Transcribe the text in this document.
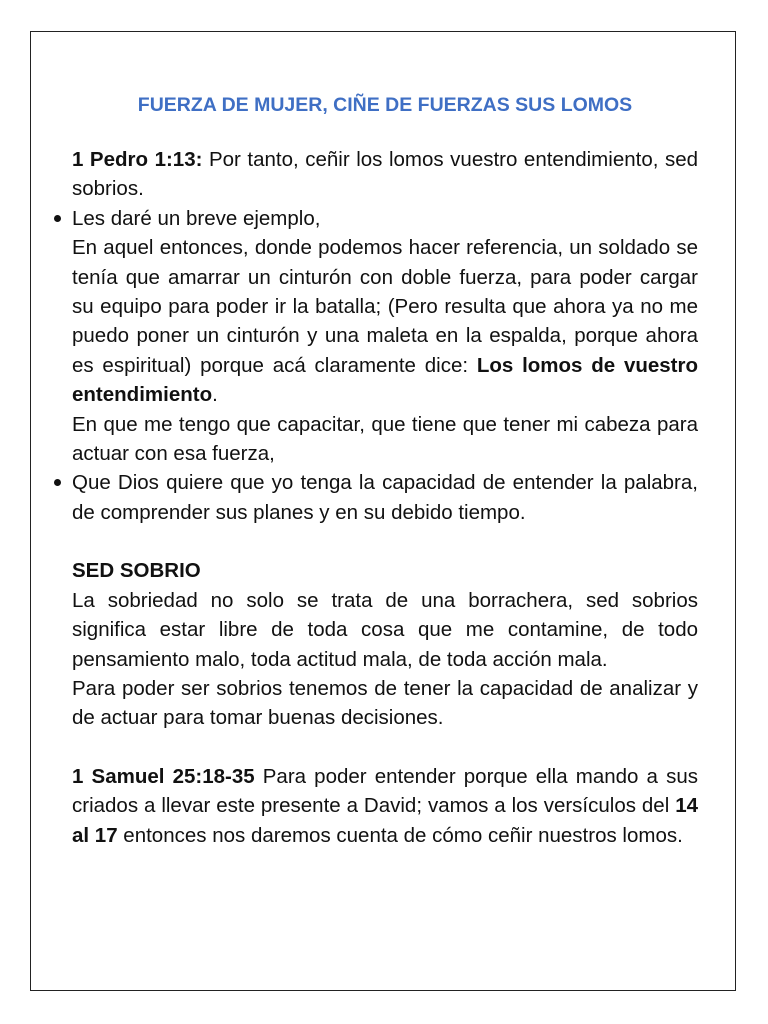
FUERZA DE MUJER, CIÑE DE FUERZAS SUS LOMOS

1 Pedro 1:13: Por tanto, ceñir los lomos vuestro entendimiento, sed sobrios.

Les daré un breve ejemplo,

En aquel entonces, donde podemos hacer referencia, un soldado se tenía que amarrar un cinturón con doble fuerza, para poder cargar su equipo para poder ir la batalla; (Pero resulta que ahora ya no me puedo poner un cinturón y una maleta en la espalda, porque ahora es espiritual) porque acá claramente dice: Los lomos de vuestro entendimiento.

En que me tengo que capacitar, que tiene que tener mi cabeza para actuar con esa fuerza,

Que Dios quiere que yo tenga la capacidad de entender la palabra, de comprender sus planes y en su debido tiempo.

SED SOBRIO

La sobriedad no solo se trata de una borrachera, sed sobrios significa estar libre de toda cosa que me contamine, de todo pensamiento malo, toda actitud mala, de toda acción mala.

Para poder ser sobrios tenemos de tener la capacidad de analizar y de actuar para tomar buenas decisiones.

1 Samuel 25:18-35 Para poder entender porque ella mando a sus criados a llevar este presente a David; vamos a los versículos del 14 al 17 entonces nos daremos cuenta de cómo ceñir nuestros lomos.
